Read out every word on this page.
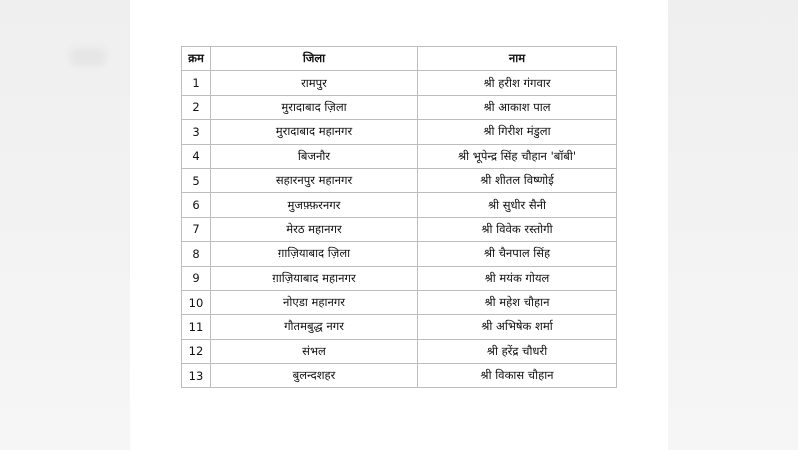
क्रम	जिला	नाम
1	रामपुर	श्री हरीश गंगवार
2	मुरादाबाद ज़िला	श्री आकाश पाल
3	मुरादाबाद महानगर	श्री गिरीश मंडुला
4	बिजनौर	श्री भूपेन्द्र सिंह चौहान 'बॉबी'
5	सहारनपुर महानगर	श्री शीतल विष्णोई
6	मुजफ़्फ़रनगर	श्री सुधीर सैनी
7	मेरठ महानगर	श्री विवेक रस्तोगी
8	ग़ाज़ियाबाद ज़िला	श्री चैनपाल सिंह
9	ग़ाज़ियाबाद महानगर	श्री मयंक गोयल
10	नोएडा महानगर	श्री महेश चौहान
11	गौतमबुद्ध नगर	श्री अभिषेक शर्मा
12	संभल	श्री हरेंद्र चौधरी
13	बुलन्दशहर	श्री विकास चौहान
